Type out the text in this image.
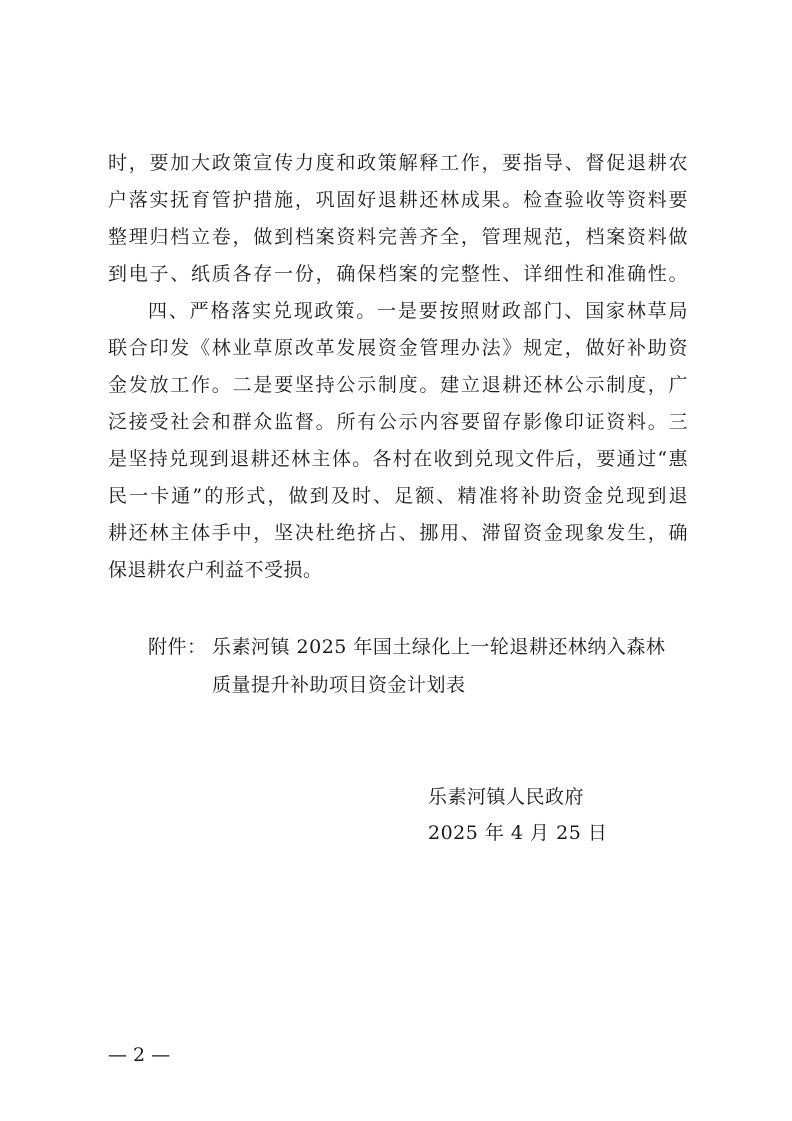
时，要加大政策宣传力度和政策解释工作，要指导、督促退耕农
户落实抚育管护措施，巩固好退耕还林成果。检查验收等资料要
整理归档立卷，做到档案资料完善齐全，管理规范，档案资料做
到电子、纸质各存一份，确保档案的完整性、详细性和准确性。
四、严格落实兑现政策。一是要按照财政部门、国家林草局
联合印发《林业草原改革发展资金管理办法》规定，做好补助资
金发放工作。二是要坚持公示制度。建立退耕还林公示制度，广
泛接受社会和群众监督。所有公示内容要留存影像印证资料。三
是坚持兑现到退耕还林主体。各村在收到兑现文件后，要通过“惠
民一卡通”的形式，做到及时、足额、精准将补助资金兑现到退
耕还林主体手中，坚决杜绝挤占、挪用、滞留资金现象发生，确
保退耕农户利益不受损。
附件： 乐素河镇 2025 年国土绿化上一轮退耕还林纳入森林
质量提升补助项目资金计划表
乐素河镇人民政府
2025 年 4 月 25 日
— 2 —
